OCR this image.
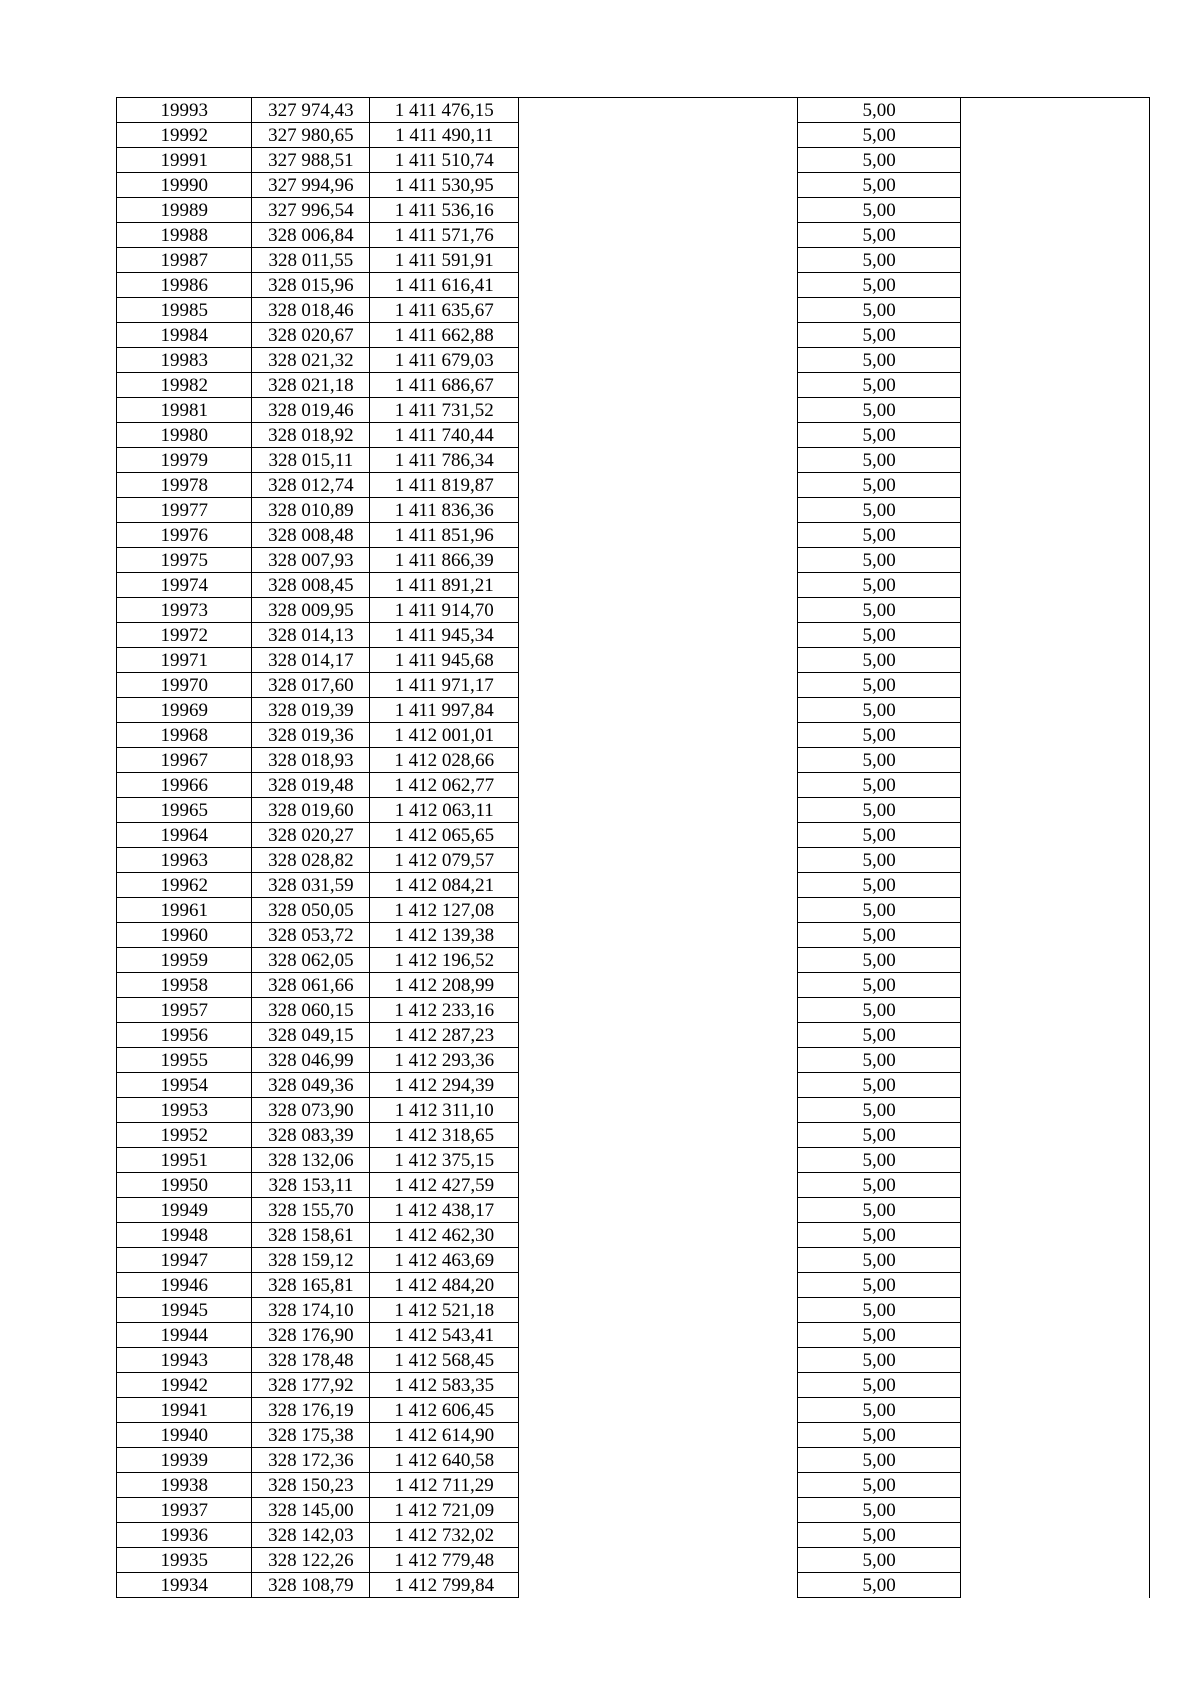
19993	327 974,43	1 411 476,15		5,00	
19992	327 980,65	1 411 490,11		5,00	
19991	327 988,51	1 411 510,74		5,00	
19990	327 994,96	1 411 530,95		5,00	
19989	327 996,54	1 411 536,16		5,00	
19988	328 006,84	1 411 571,76		5,00	
19987	328 011,55	1 411 591,91		5,00	
19986	328 015,96	1 411 616,41		5,00	
19985	328 018,46	1 411 635,67		5,00	
19984	328 020,67	1 411 662,88		5,00	
19983	328 021,32	1 411 679,03		5,00	
19982	328 021,18	1 411 686,67		5,00	
19981	328 019,46	1 411 731,52		5,00	
19980	328 018,92	1 411 740,44		5,00	
19979	328 015,11	1 411 786,34		5,00	
19978	328 012,74	1 411 819,87		5,00	
19977	328 010,89	1 411 836,36		5,00	
19976	328 008,48	1 411 851,96		5,00	
19975	328 007,93	1 411 866,39		5,00	
19974	328 008,45	1 411 891,21		5,00	
19973	328 009,95	1 411 914,70		5,00	
19972	328 014,13	1 411 945,34		5,00	
19971	328 014,17	1 411 945,68		5,00	
19970	328 017,60	1 411 971,17		5,00	
19969	328 019,39	1 411 997,84		5,00	
19968	328 019,36	1 412 001,01		5,00	
19967	328 018,93	1 412 028,66		5,00	
19966	328 019,48	1 412 062,77		5,00	
19965	328 019,60	1 412 063,11		5,00	
19964	328 020,27	1 412 065,65		5,00	
19963	328 028,82	1 412 079,57		5,00	
19962	328 031,59	1 412 084,21		5,00	
19961	328 050,05	1 412 127,08		5,00	
19960	328 053,72	1 412 139,38		5,00	
19959	328 062,05	1 412 196,52		5,00	
19958	328 061,66	1 412 208,99		5,00	
19957	328 060,15	1 412 233,16		5,00	
19956	328 049,15	1 412 287,23		5,00	
19955	328 046,99	1 412 293,36		5,00	
19954	328 049,36	1 412 294,39		5,00	
19953	328 073,90	1 412 311,10		5,00	
19952	328 083,39	1 412 318,65		5,00	
19951	328 132,06	1 412 375,15		5,00	
19950	328 153,11	1 412 427,59		5,00	
19949	328 155,70	1 412 438,17		5,00	
19948	328 158,61	1 412 462,30		5,00	
19947	328 159,12	1 412 463,69		5,00	
19946	328 165,81	1 412 484,20		5,00	
19945	328 174,10	1 412 521,18		5,00	
19944	328 176,90	1 412 543,41		5,00	
19943	328 178,48	1 412 568,45		5,00	
19942	328 177,92	1 412 583,35		5,00	
19941	328 176,19	1 412 606,45		5,00	
19940	328 175,38	1 412 614,90		5,00	
19939	328 172,36	1 412 640,58		5,00	
19938	328 150,23	1 412 711,29		5,00	
19937	328 145,00	1 412 721,09		5,00	
19936	328 142,03	1 412 732,02		5,00	
19935	328 122,26	1 412 779,48		5,00	
19934	328 108,79	1 412 799,84		5,00	
